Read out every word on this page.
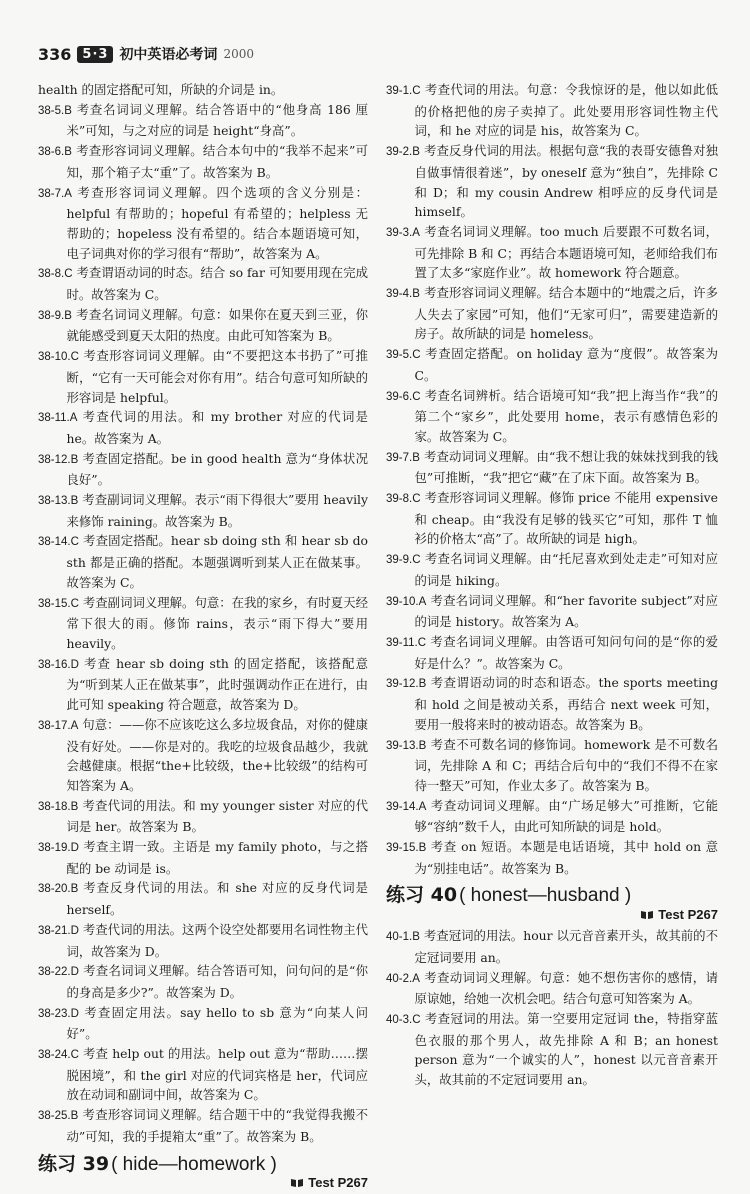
336 5·3 初中英语必考词 2000
health 的固定搭配可知，所缺的介词是 in。
38-5.B 考查名词词义理解。结合答语中的“他身高 186 厘米”可知，与之对应的词是 height“身高”。
38-6.B 考查形容词词义理解。结合本句中的“我举不起来”可知，那个箱子太“重”了。故答案为 B。
38-7.A 考查形容词词义理解。四个选项的含义分别是：helpful 有帮助的；hopeful 有希望的；helpless 无帮助的；hopeless 没有希望的。结合本题语境可知，电子词典对你的学习很有“帮助”，故答案为 A。
38-8.C 考查谓语动词的时态。结合 so far 可知要用现在完成时。故答案为 C。
38-9.B 考查名词词义理解。句意：如果你在夏天到三亚，你就能感受到夏天太阳的热度。由此可知答案为 B。
38-10.C 考查形容词词义理解。由“不要把这本书扔了”可推断，“它有一天可能会对你有用”。结合句意可知所缺的形容词是 helpful。
38-11.A 考查代词的用法。和 my brother 对应的代词是 he。故答案为 A。
38-12.B 考查固定搭配。be in good health 意为“身体状况良好”。
38-13.B 考查副词词义理解。表示“雨下得很大”要用 heavily 来修饰 raining。故答案为 B。
38-14.C 考查固定搭配。hear sb doing sth 和 hear sb do sth 都是正确的搭配。本题强调听到某人正在做某事。故答案为 C。
38-15.C 考查副词词义理解。句意：在我的家乡，有时夏天经常下很大的雨。修饰 rains，表示“雨下得大”要用 heavily。
38-16.D 考查 hear sb doing sth 的固定搭配，该搭配意为“听到某人正在做某事”，此时强调动作正在进行，由此可知 speaking 符合题意，故答案为 D。
38-17.A 句意：——你不应该吃这么多垃圾食品，对你的健康没有好处。——你是对的。我吃的垃圾食品越少，我就会越健康。根据“the+比较级，the+比较级”的结构可知答案为 A。
38-18.B 考查代词的用法。和 my younger sister 对应的代词是 her。故答案为 B。
38-19.D 考查主谓一致。主语是 my family photo，与之搭配的 be 动词是 is。
38-20.B 考查反身代词的用法。和 she 对应的反身代词是 herself。
38-21.D 考查代词的用法。这两个设空处都要用名词性物主代词，故答案为 D。
38-22.D 考查名词词义理解。结合答语可知，问句问的是“你的身高是多少?”。故答案为 D。
38-23.D 考查固定用法。say hello to sb 意为“向某人问好”。
38-24.C 考查 help out 的用法。help out 意为“帮助……摆脱困境”，和 the girl 对应的代词宾格是 her，代词应放在动词和副词中间，故答案为 C。
38-25.B 考查形容词词义理解。结合题干中的“我觉得我搬不动”可知，我的手提箱太“重”了。故答案为 B。
练习 39 ( hide—homework )
Test P267
39-1.C 考查代词的用法。句意：令我惊讶的是，他以如此低的价格把他的房子卖掉了。此处要用形容词性物主代词，和 he 对应的词是 his，故答案为 C。
39-2.B 考查反身代词的用法。根据句意“我的表哥安德鲁对独自做事情很着迷”，by oneself 意为“独自”，先排除 C 和 D；和 my cousin Andrew 相呼应的反身代词是 himself。
39-3.A 考查名词词义理解。too much 后要跟不可数名词，可先排除 B 和 C；再结合本题语境可知，老师给我们布置了太多“家庭作业”。故 homework 符合题意。
39-4.B 考查形容词词义理解。结合本题中的“地震之后，许多人失去了家园”可知，他们“无家可归”，需要建造新的房子。故所缺的词是 homeless。
39-5.C 考查固定搭配。on holiday 意为“度假”。故答案为 C。
39-6.C 考查名词辨析。结合语境可知“我”把上海当作“我”的第二个“家乡”，此处要用 home，表示有感情色彩的家。故答案为 C。
39-7.B 考查动词词义理解。由“我不想让我的妹妹找到我的钱包”可推断，“我”把它“藏”在了床下面。故答案为 B。
39-8.C 考查形容词词义理解。修饰 price 不能用 expensive 和 cheap。由“我没有足够的钱买它”可知，那件 T 恤衫的价格太“高”了。故所缺的词是 high。
39-9.C 考查名词词义理解。由“托尼喜欢到处走走”可知对应的词是 hiking。
39-10.A 考查名词词义理解。和“her favorite subject”对应的词是 history。故答案为 A。
39-11.C 考查名词词义理解。由答语可知问句问的是“你的爱好是什么？”。故答案为 C。
39-12.B 考查谓语动词的时态和语态。the sports meeting 和 hold 之间是被动关系，再结合 next week 可知，要用一般将来时的被动语态。故答案为 B。
39-13.B 考查不可数名词的修饰词。homework 是不可数名词，先排除 A 和 C；再结合后句中的“我们不得不在家待一整天”可知，作业太多了。故答案为 B。
39-14.A 考查动词词义理解。由“广场足够大”可推断，它能够“容纳”数千人，由此可知所缺的词是 hold。
39-15.B 考查 on 短语。本题是电话语境，其中 hold on 意为“别挂电话”。故答案为 B。
练习 40 ( honest—husband )
Test P267
40-1.B 考查冠词的用法。hour 以元音音素开头，故其前的不定冠词要用 an。
40-2.A 考查动词词义理解。句意：她不想伤害你的感情，请原谅她，给她一次机会吧。结合句意可知答案为 A。
40-3.C 考查冠词的用法。第一空要用定冠词 the，特指穿蓝色衣服的那个男人，故先排除 A 和 B；an honest person 意为“一个诚实的人”，honest 以元音音素开头，故其前的不定冠词要用 an。
